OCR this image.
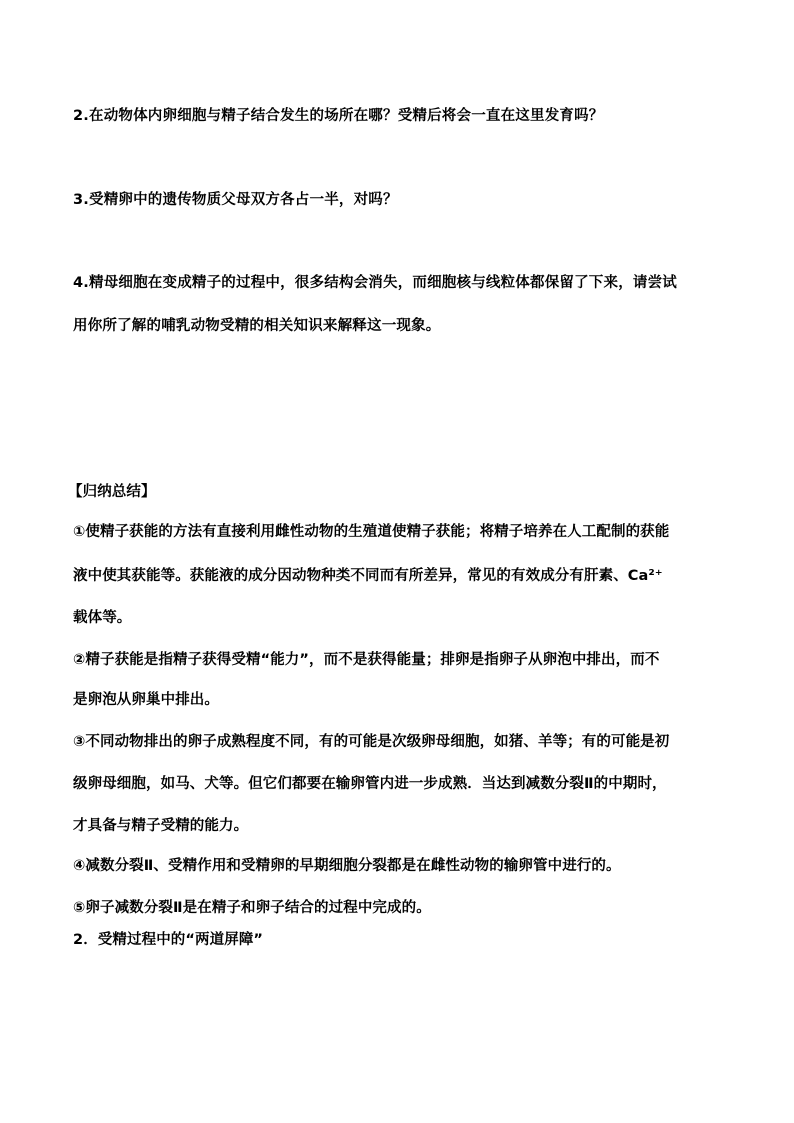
2.在动物体内卵细胞与精子结合发生的场所在哪？受精后将会一直在这里发育吗？
3.受精卵中的遗传物质父母双方各占一半，对吗？
4.精母细胞在变成精子的过程中，很多结构会消失，而细胞核与线粒体都保留了下来，请尝试
用你所了解的哺乳动物受精的相关知识来解释这一现象。
【归纳总结】
①使精子获能的方法有直接利用雌性动物的生殖道使精子获能；将精子培养在人工配制的获能
液中使其获能等。获能液的成分因动物种类不同而有所差异，常见的有效成分有肝素、Ca²⁺
载体等。
②精子获能是指精子获得受精“能力”，而不是获得能量；排卵是指卵子从卵泡中排出，而不
是卵泡从卵巢中排出。
③不同动物排出的卵子成熟程度不同，有的可能是次级卵母细胞，如猪、羊等；有的可能是初
级卵母细胞，如马、犬等。但它们都要在输卵管内进一步成熟．当达到减数分裂Ⅱ的中期时，
才具备与精子受精的能力。
④减数分裂Ⅱ、受精作用和受精卵的早期细胞分裂都是在雌性动物的输卵管中进行的。
⑤卵子减数分裂Ⅱ是在精子和卵子结合的过程中完成的。
2．受精过程中的“两道屏障”
